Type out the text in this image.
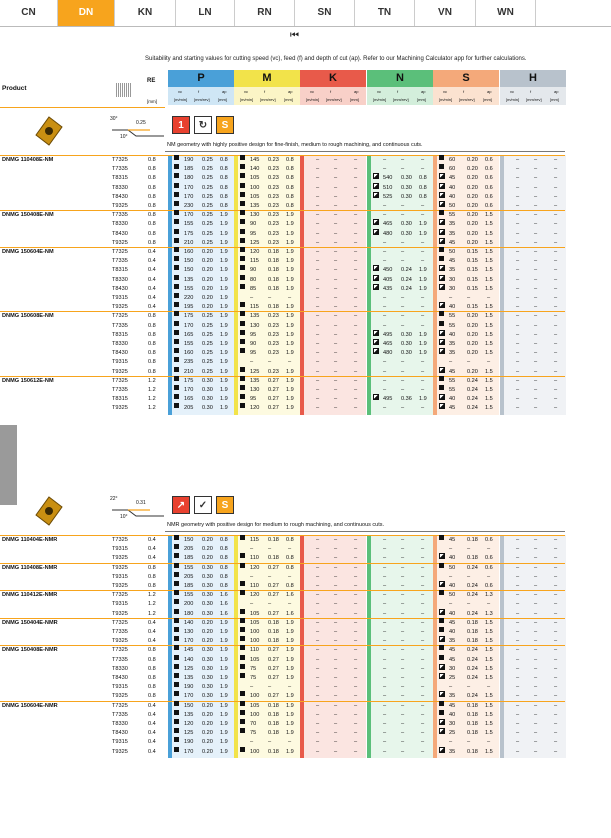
CN	DN	KN	LN	RN	SN	TN	VN	WN
⏮
Suitability and starting values for cutting speed (vc), feed (f) and depth of cut (ap). Refer to our Machining Calculator app for further calculations.
Product
RE
[mm]
P
vc
[m/min]
f
[mm/rev]
ap
[mm]
M
vc
[m/min]
f
[mm/rev]
ap
[mm]
K
vc
[m/min]
f
[mm/rev]
ap
[mm]
N
vc
[m/min]
f
[mm/rev]
ap
[mm]
S
vc
[m/min]
f
[mm/rev]
ap
[mm]
H
vc
[m/min]
f
[mm/rev]
ap
[mm]
30°
10°
0.25	1	↻	S
NM geometry with highly positive design for fine-finish, medium to rough machining, and continuous cuts.
DNMG 110408E-NM	T7325	0.8	190 0.25 0.8	145 0.23 0.8	–	–	–	–	–	–	60 0.20 0.6	–	–	–
T7335	0.8	185 0.25 0.8	140 0.23 0.8	–	–	–	–	–	–	60 0.20 0.6	–	–	–
T8315	0.8	180 0.25 0.8	105 0.23 0.8	–	–	–	540 0.30 0.8	45 0.20 0.6	–	–	–
T8330	0.8	170 0.25 0.8	100 0.23 0.8	–	–	–	510 0.30 0.8	40 0.20 0.6	–	–	–
T8430	0.8	170 0.25 0.8	105 0.23 0.8	–	–	–	525 0.30 0.8	40 0.20 0.6	–	–	–
T9325	0.8	230 0.25 0.8	135 0.23 0.8	–	–	–	–	–	–	50 0.20 0.6	–	–	–
DNMG 150408E-NM	T7335	0.8	170 0.25 1.9	130 0.23 1.9	–	–	–	–	–	–	55 0.20 1.5	–	–	–
T8330	0.8	155 0.25 1.9	90 0.23 1.9	–	–	–	465 0.30 1.9	35 0.20 1.5	–	–	–
T8430	0.8	175 0.25 1.9	95 0.23 1.9	–	–	–	480 0.30 1.9	35 0.20 1.5	–	–	–
T9325	0.8	210 0.25 1.9	125 0.23 1.9	–	–	–	–	–	–	45 0.20 1.5	–	–	–
DNMG 150604E-NM	T7325	0.4	160 0.20 1.9	120 0.18 1.9	–	–	–	–	–	–	50 0.15 1.5	–	–	–
T7335	0.4	150 0.20 1.9	115 0.18 1.9	–	–	–	–	–	–	45 0.15 1.5	–	–	–
T8315	0.4	150 0.20 1.9	90 0.18 1.9	–	–	–	450 0.24 1.9	35 0.15 1.5	–	–	–
T8330	0.4	135 0.20 1.9	80 0.18 1.9	–	–	–	405 0.24 1.9	30 0.15 1.5	–	–	–
T8430	0.4	155 0.20 1.9	85 0.18 1.9	–	–	–	435 0.24 1.9	30 0.15 1.5	–	–	–
T9315	0.4	220 0.20 1.9	–	–	–	–	–	–	–	–	–	–	–	–	–	–	–
T9325	0.4	195 0.20 1.9	115 0.18 1.9	–	–	–	–	–	–	40 0.15 1.5	–	–	–
DNMG 150608E-NM	T7325	0.8	175 0.25 1.9	135 0.23 1.9	–	–	–	–	–	–	55 0.20 1.5	–	–	–
T7335	0.8	170 0.25 1.9	130 0.23 1.9	–	–	–	–	–	–	55 0.20 1.5	–	–	–
T8315	0.8	165 0.25 1.9	95 0.23 1.9	–	–	–	495 0.30 1.9	40 0.20 1.5	–	–	–
T8330	0.8	155 0.25 1.9	90 0.23 1.9	–	–	–	465 0.30 1.9	35 0.20 1.5	–	–	–
T8430	0.8	160 0.25 1.9	95 0.23 1.9	–	–	–	480 0.30 1.9	35 0.20 1.5	–	–	–
T9315	0.8	235 0.25 1.9	–	–	–	–	–	–	–	–	–	–	–	–	–	–	–
T9325	0.8	210 0.25 1.9	125 0.23 1.9	–	–	–	–	–	–	45 0.20 1.5	–	–	–
DNMG 150612E-NM	T7325	1.2	175 0.30 1.9	135 0.27 1.9	–	–	–	–	–	–	55 0.24 1.5	–	–	–
T7335	1.2	170 0.30 1.9	130 0.27 1.9	–	–	–	–	–	–	55 0.24 1.5	–	–	–
T8315	1.2	165 0.30 1.9	95 0.27 1.9	–	–	–	495 0.36 1.9	40 0.24 1.5	–	–	–
T9325	1.2	205 0.30 1.9	120 0.27 1.9	–	–	–	–	–	–	45 0.24 1.5	–	–	–
22°
10°
0.31	↗	✓	S
NMR geometry with positive design for medium to rough machining, and continuous cuts.
DNMG 110404E-NMR	T7325	0.4	150 0.20 0.8	115 0.18 0.8	–	–	–	–	–	–	45 0.18 0.6	–	–	–
T9315	0.4	205 0.20 0.8	–	–	–	–	–	–	–	–	–	–	–	–	–	–	–
T9325	0.4	185 0.20 0.8	110 0.18 0.8	–	–	–	–	–	–	40 0.18 0.6	–	–	–
DNMG 110408E-NMR	T9325	0.8	155 0.30 0.8	120 0.27 0.8	–	–	–	–	–	–	50 0.24 0.6	–	–	–
T9315	0.8	205 0.30 0.8	–	–	–	–	–	–	–	–	–	–	–	–	–	–	–
T9325	0.8	185 0.30 0.8	110 0.27 0.8	–	–	–	–	–	–	40 0.24 0.6	–	–	–
DNMG 110412E-NMR	T7325	1.2	155 0.30 1.6	120 0.27 1.6	–	–	–	–	–	–	50 0.24 1.3	–	–	–
T9315	1.2	200 0.30 1.6	–	–	–	–	–	–	–	–	–	–	–	–	–	–	–
T9325	1.2	180 0.30 1.6	105 0.27 1.6	–	–	–	–	–	–	40 0.24 1.3	–	–	–
DNMG 150404E-NMR	T7325	0.4	140 0.20 1.9	105 0.18 1.9	–	–	–	–	–	–	45 0.18 1.5	–	–	–
T7335	0.4	130 0.20 1.9	100 0.18 1.9	–	–	–	–	–	–	40 0.18 1.5	–	–	–
T9325	0.4	170 0.20 1.9	100 0.18 1.9	–	–	–	–	–	–	35 0.18 1.5	–	–	–
DNMG 150408E-NMR	T7325	0.8	145 0.30 1.9	110 0.27 1.9	–	–	–	–	–	–	45 0.24 1.5	–	–	–
T7335	0.8	140 0.30 1.9	105 0.27 1.9	–	–	–	–	–	–	45 0.24 1.5	–	–	–
T8330	0.8	125 0.30 1.9	75 0.27 1.9	–	–	–	–	–	–	30 0.24 1.5	–	–	–
T8430	0.8	135 0.30 1.9	75 0.27 1.9	–	–	–	–	–	–	25 0.24 1.5	–	–	–
T9315	0.8	190 0.30 1.9	–	–	–	–	–	–	–	–	–	–	–	–	–	–	–
T9325	0.8	170 0.30 1.9	100 0.27 1.9	–	–	–	–	–	–	35 0.24 1.5	–	–	–
DNMG 150604E-NMR	T7325	0.4	150 0.20 1.9	105 0.18 1.9	–	–	–	–	–	–	45 0.18 1.5	–	–	–
T7335	0.4	135 0.20 1.9	100 0.18 1.9	–	–	–	–	–	–	40 0.18 1.5	–	–	–
T8330	0.4	120 0.20 1.9	70 0.18 1.9	–	–	–	–	–	–	30 0.18 1.5	–	–	–
T8430	0.4	125 0.20 1.9	75 0.18 1.9	–	–	–	–	–	–	25 0.18 1.5	–	–	–
T9315	0.4	190 0.20 1.9	–	–	–	–	–	–	–	–	–	–	–	–	–	–	–
T9325	0.4	170 0.20 1.9	100 0.18 1.9	–	–	–	–	–	–	35 0.18 1.5	–	–	–
